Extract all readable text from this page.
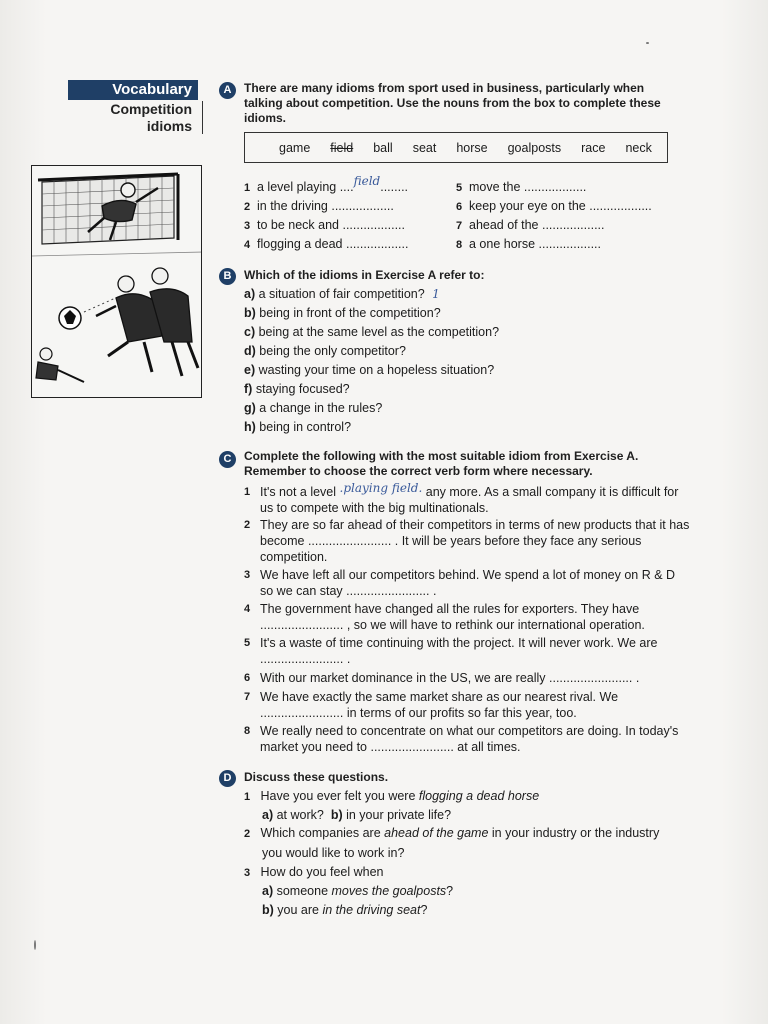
Vocabulary
Competition
idioms
A	There are many idioms from sport used in business, particularly when
talking about competition. Use the nouns from the box to complete these
idioms.
game field ball seat horse goalposts race neck
1 a level playing ....field........
2 in the driving ..................
3 to be neck and ..................
4 flogging a dead ..................
5 move the ..................
6 keep your eye on the ..................
7 ahead of the ..................
8 a one horse ..................
B	Which of the idioms in Exercise A refer to:
a) a situation of fair competition? 1
b) being in front of the competition?
c) being at the same level as the competition?
d) being the only competitor?
e) wasting your time on a hopeless situation?
f) staying focused?
g) a change in the rules?
h) being in control?
C	Complete the following with the most suitable idiom from Exercise A.
Remember to choose the correct verb form where necessary.
1 It's not a level .playing field. any more. As a small company it is difficult for us to compete with the big multinationals.
2 They are so far ahead of their competitors in terms of new products that it has become ........................ . It will be years before they face any serious competition.
3 We have left all our competitors behind. We spend a lot of money on R & D so we can stay ........................ .
4 The government have changed all the rules for exporters. They have ........................ , so we will have to rethink our international operation.
5 It's a waste of time continuing with the project. It will never work. We are ........................ .
6 With our market dominance in the US, we are really ........................ .
7 We have exactly the same market share as our nearest rival. We ........................ in terms of our profits so far this year, too.
8 We really need to concentrate on what our competitors are doing. In today's market you need to ........................ at all times.
D	Discuss these questions.
1 Have you ever felt you were flogging a dead horse
a) at work? b) in your private life?
2 Which companies are ahead of the game in your industry or the industry
you would like to work in?
3 How do you feel when
a) someone moves the goalposts?
b) you are in the driving seat?
